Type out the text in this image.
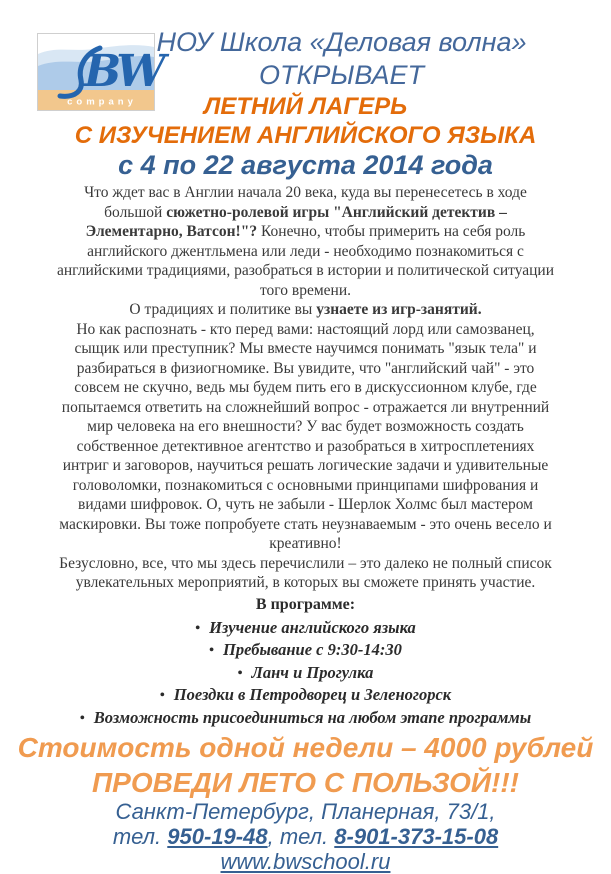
BW
company

НОУ Школа «Деловая волна»

ОТКРЫВАЕТ

ЛЕТНИЙ ЛАГЕРЬ

С ИЗУЧЕНИЕМ АНГЛИЙСКОГО ЯЗЫКА

с 4 по 22 августа 2014 года

Что ждет вас в Англии начала 20 века, куда вы перенесетесь в ходе большой сюжетно-ролевой игры "Английский детектив – Элементарно, Ватсон!"? Конечно, чтобы примерить на себя роль английского джентльмена или леди - необходимо познакомиться с английскими традициями, разобраться в истории и политической ситуации того времени.

О традициях и политике вы узнаете из игр-занятий.

Но как распознать - кто перед вами: настоящий лорд или самозванец, сыщик или преступник? Мы вместе научимся понимать "язык тела" и разбираться в физиогномике. Вы увидите, что "английский чай" - это совсем не скучно, ведь мы будем пить его в дискуссионном клубе, где попытаемся ответить на сложнейший вопрос - отражается ли внутренний мир человека на его внешности? У вас будет возможность создать собственное детективное агентство и разобраться в хитросплетениях интриг и заговоров, научиться решать логические задачи и удивительные головоломки, познакомиться с основными принципами шифрования и видами шифровок. О, чуть не забыли - Шерлок Холмс был мастером маскировки. Вы тоже попробуете стать неузнаваемым - это очень весело и креативно!

Безусловно, все, что мы здесь перечислили – это далеко не полный список увлекательных мероприятий, в которых вы сможете принять участие.

В программе:

• Изучение английского языка
• Пребывание с 9:30-14:30
• Ланч и Прогулка
• Поездки в Петродворец и Зеленогорск
• Возможность присоединиться на любом этапе программы

Стоимость одной недели – 4000 рублей

ПРОВЕДИ ЛЕТО С ПОЛЬЗОЙ!!!

Санкт-Петербург, Планерная, 73/1,

тел. 950-19-48, тел. 8-901-373-15-08

www.bwschool.ru
